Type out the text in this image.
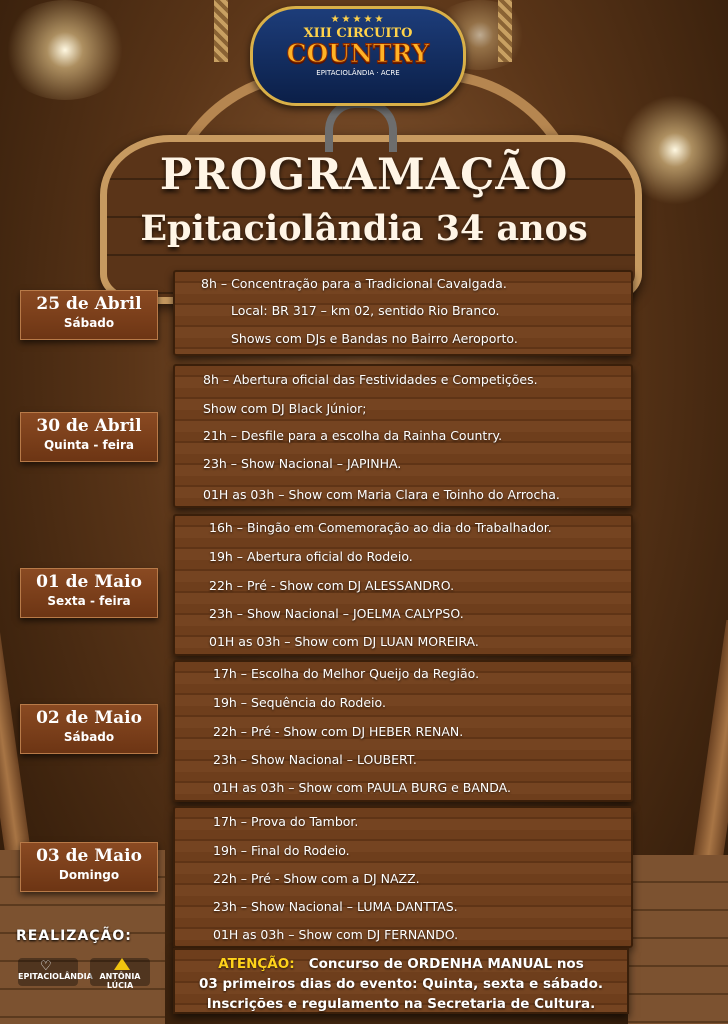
★★★★★
XIII CIRCUITO
COUNTRY
EPITACIOLÂNDIA · ACRE
PROGRAMAÇÃO
Epitaciolândia 34 anos
25 de Abril
Sábado
8h – Concentração para a Tradicional Cavalgada.
Local: BR 317 – km 02, sentido Rio Branco.
Shows com DJs e Bandas no Bairro Aeroporto.
30 de Abril
Quinta - feira
8h – Abertura oficial das Festividades e Competições.
Show com DJ Black Júnior;
21h – Desfile para a escolha da Rainha Country.
23h – Show Nacional – JAPINHA.
01H as 03h – Show com Maria Clara e Toinho do Arrocha.
01 de Maio
Sexta - feira
16h – Bingão em Comemoração ao dia do Trabalhador.
19h – Abertura oficial do Rodeio.
22h – Pré - Show com DJ ALESSANDRO.
23h – Show Nacional – JOELMA CALYPSO.
01H as 03h – Show com DJ LUAN MOREIRA.
02 de Maio
Sábado
17h – Escolha do Melhor Queijo da Região.
19h – Sequência do Rodeio.
22h – Pré - Show com DJ HEBER RENAN.
23h – Show Nacional – LOUBERT.
01H as 03h – Show com PAULA BURG e BANDA.
03 de Maio
Domingo
17h – Prova do Tambor.
19h – Final do Rodeio.
22h – Pré - Show com a DJ NAZZ.
23h – Show Nacional – LUMA DANTTAS.
01H as 03h – Show com DJ FERNANDO.
REALIZAÇÃO:
♡
EPITACIOLÂNDIA ANTÔNIA LÚCIA
ATENÇÃO: Concurso de ORDENHA MANUAL nos
03 primeiros dias do evento: Quinta, sexta e sábado.
Inscrições e regulamento na Secretaria de Cultura.
